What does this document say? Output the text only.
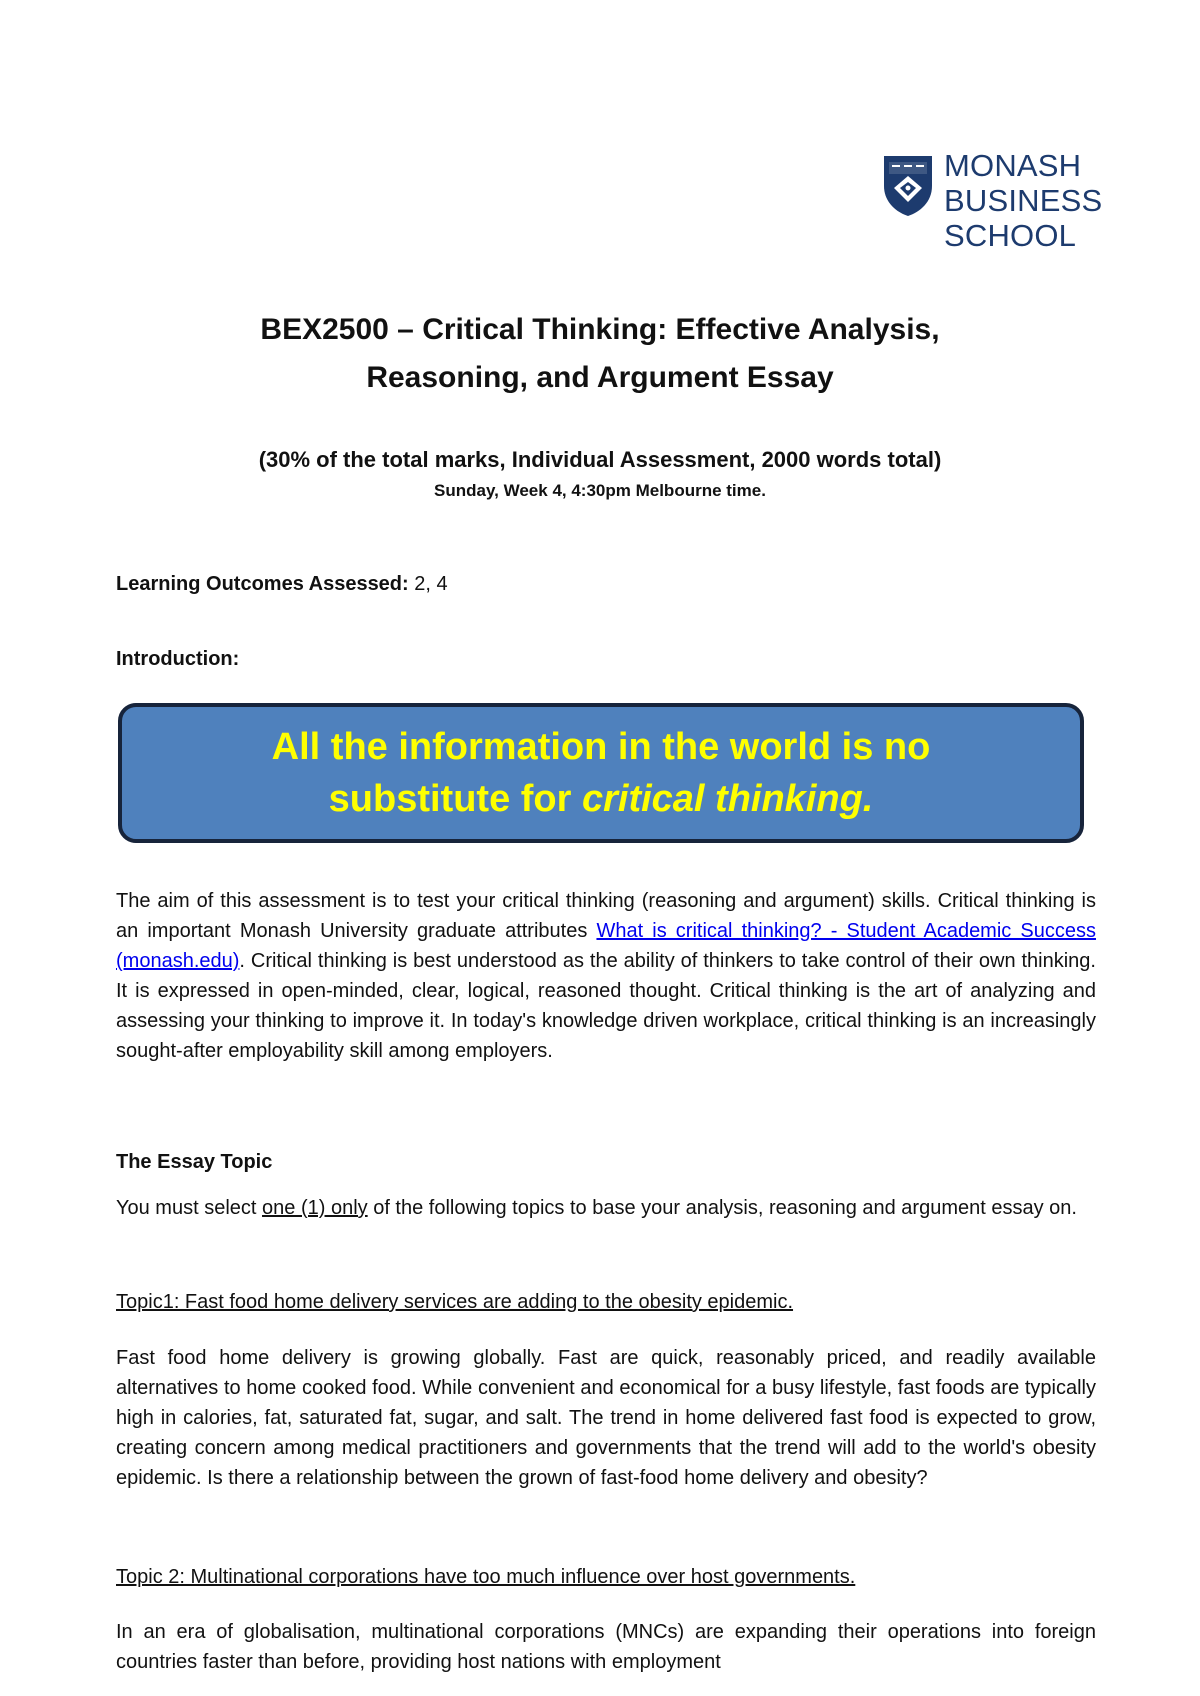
MONASH
BUSINESS
SCHOOL
BEX2500 – Critical Thinking: Effective Analysis,
Reasoning, and Argument Essay
(30% of the total marks, Individual Assessment, 2000 words total)
Sunday, Week 4, 4:30pm Melbourne time.
Learning Outcomes Assessed: 2, 4
Introduction:
All the information in the world is no
substitute for critical thinking.
The aim of this assessment is to test your critical thinking (reasoning and argument) skills. Critical thinking is an important Monash University graduate attributes What is critical thinking? - Student Academic Success (monash.edu). Critical thinking is best understood as the ability of thinkers to take control of their own thinking. It is expressed in open-minded, clear, logical, reasoned thought. Critical thinking is the art of analyzing and assessing your thinking to improve it. In today's knowledge driven workplace, critical thinking is an increasingly sought-after employability skill among employers.
The Essay Topic
You must select one (1) only of the following topics to base your analysis, reasoning and argument essay on.
Topic1: Fast food home delivery services are adding to the obesity epidemic.
Fast food home delivery is growing globally. Fast are quick, reasonably priced, and readily available alternatives to home cooked food. While convenient and economical for a busy lifestyle, fast foods are typically high in calories, fat, saturated fat, sugar, and salt. The trend in home delivered fast food is expected to grow, creating concern among medical practitioners and governments that the trend will add to the world's obesity epidemic. Is there a relationship between the grown of fast-food home delivery and obesity?
Topic 2: Multinational corporations have too much influence over host governments.
In an era of globalisation, multinational corporations (MNCs) are expanding their operations into foreign countries faster than before, providing host nations with employment
